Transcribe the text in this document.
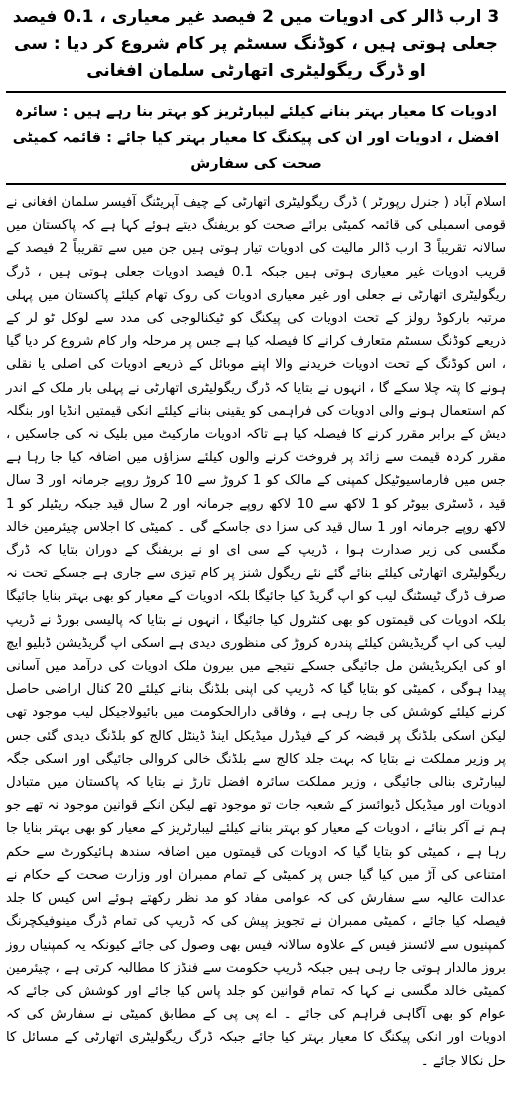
3 ارب ڈالر کی ادویات میں 2 فیصد غیر معیاری ، 0.1 فیصد جعلی ہوتی ہیں ، کوڈنگ سسٹم پر کام شروع کر دیا : سی او ڈرگ ریگولیٹری اتھارٹی سلمان افغانی
ادویات کا معیار بہتر بنانے کیلئے لیبارٹریز کو بہتر بنا رہے ہیں : سائرہ افضل ، ادویات اور ان کی پیکنگ کا معیار بہتر کیا جائے : قائمہ کمیٹی صحت کی سفارش

اسلام آباد ( جنرل رپورٹر ) ڈرگ ریگولیٹری اتھارٹی کے چیف آپریٹنگ آفیسر سلمان افغانی نے قومی اسمبلی کی قائمہ کمیٹی برائے صحت کو بریفنگ دیتے ہوئے کہا ہے کہ پاکستان میں سالانہ تقریباً 3 ارب ڈالر مالیت کی ادویات تیار ہوتی ہیں جن میں سے تقریباً 2 فیصد کے قریب ادویات غیر معیاری ہوتی ہیں جبکہ 0.1 فیصد ادویات جعلی ہوتی ہیں ، ڈرگ ریگولیٹری اتھارٹی نے جعلی اور غیر معیاری ادویات کی روک تھام کیلئے پاکستان میں پہلی مرتبہ بارکوڈ رولز کے تحت ادویات کی پیکنگ کو ٹیکنالوجی کی مدد سے لوکل ٹو لر کے ذریعے کوڈنگ سسٹم متعارف کرانے کا فیصلہ کیا ہے جس پر مرحلہ وار کام شروع کر دیا گیا ، اس کوڈنگ کے تحت ادویات خریدنے والا اپنے موبائل کے ذریعے ادویات کی اصلی یا نقلی ہونے کا پتہ چلا سکے گا ، انہوں نے بتایا کہ ڈرگ ریگولیٹری اتھارٹی نے پہلی بار ملک کے اندر کم استعمال ہونے والی ادویات کی فراہمی کو یقینی بنانے کیلئے انکی قیمتیں انڈیا اور بنگلہ دیش کے برابر مقرر کرنے کا فیصلہ کیا ہے تاکہ ادویات مارکیٹ میں بلیک نہ کی جاسکیں ، مقرر کردہ قیمت سے زائد پر فروخت کرنے والوں کیلئے سزاؤں میں اضافہ کیا جا رہا ہے جس میں فارماسیوٹیکل کمپنی کے مالک کو 1 کروڑ سے 10 کروڑ روپے جرمانہ اور 3 سال قید ، ڈسٹری بیوٹر کو 1 لاکھ سے 10 لاکھ روپے جرمانہ اور 2 سال قید جبکہ ریٹیلر کو 1 لاکھ روپے جرمانہ اور 1 سال قید کی سزا دی جاسکے گی ۔ کمیٹی کا اجلاس چیئرمین خالد مگسی کی زیر صدارت ہوا ، ڈریپ کے سی ای او نے بریفنگ کے دوران بتایا کہ ڈرگ ریگولیٹری اتھارٹی کیلئے بنائے گئے نئے ریگول شنز پر کام تیزی سے جاری ہے جسکے تحت نہ صرف ڈرگ ٹیسٹنگ لیب کو اپ گریڈ کیا جائیگا بلکہ ادویات کے معیار کو بھی بہتر بنایا جائیگا بلکہ ادویات کی قیمتوں کو بھی کنٹرول کیا جائیگا ، انہوں نے بتایا کہ پالیسی بورڈ نے ڈریپ لیب کی اپ گریڈیشن کیلئے پندرہ کروڑ کی منظوری دیدی ہے اسکی اپ گریڈیشن ڈبلیو ایچ او کی ایکریڈیشن مل جائیگی جسکے نتیجے میں بیرون ملک ادویات کی درآمد میں آسانی پیدا ہوگی ، کمیٹی کو بتایا گیا کہ ڈریپ کی اپنی بلڈنگ بنانے کیلئے 20 کنال اراضی حاصل کرنے کیلئے کوشش کی جا رہی ہے ، وفاقی دارالحکومت میں بائیولاجیکل لیب موجود تھی لیکن اسکی بلڈنگ پر قبضہ کر کے فیڈرل میڈیکل اینڈ ڈینٹل کالج کو بلڈنگ دیدی گئی جس پر وزیر مملکت نے بتایا کہ بہت جلد کالج سے بلڈنگ خالی کروالی جائیگی اور اسکی جگہ لیبارٹری بنالی جائیگی ، وزیر مملکت سائرہ افضل تارڑ نے بتایا کہ پاکستان میں متبادل ادویات اور میڈیکل ڈیوائسز کے شعبہ جات تو موجود تھے لیکن انکے قوانین موجود نہ تھے جو ہم نے آکر بنائے ، ادویات کے معیار کو بہتر بنانے کیلئے لیبارٹریز کے معیار کو بھی بہتر بنایا جا رہا ہے ، کمیٹی کو بتایا گیا کہ ادویات کی قیمتوں میں اضافہ سندھ ہائیکورٹ سے حکم امتناعی کی آڑ میں کیا گیا جس پر کمیٹی کے تمام ممبران اور وزارت صحت کے حکام نے عدالت عالیہ سے سفارش کی کہ عوامی مفاد کو مد نظر رکھتے ہوئے اس کیس کا جلد فیصلہ کیا جائے ، کمیٹی ممبران نے تجویز پیش کی کہ ڈریپ کی تمام ڈرگ مینوفیکچرنگ کمپنیوں سے لائسنز فیس کے علاوہ سالانہ فیس بھی وصول کی جائے کیونکہ یہ کمپنیاں روز بروز مالدار ہوتی جا رہی ہیں جبکہ ڈریپ حکومت سے فنڈز کا مطالبہ کرتی ہے ، چیئرمین کمیٹی خالد مگسی نے کہا کہ تمام قوانین کو جلد پاس کیا جائے اور کوشش کی جائے کہ عوام کو بھی آگاہی فراہم کی جائے ۔ اے پی پی کے مطابق کمیٹی نے سفارش کی کہ ادویات اور انکی پیکنگ کا معیار بہتر کیا جائے جبکہ ڈرگ ریگولیٹری اتھارٹی کے مسائل کا حل نکالا جائے ۔
